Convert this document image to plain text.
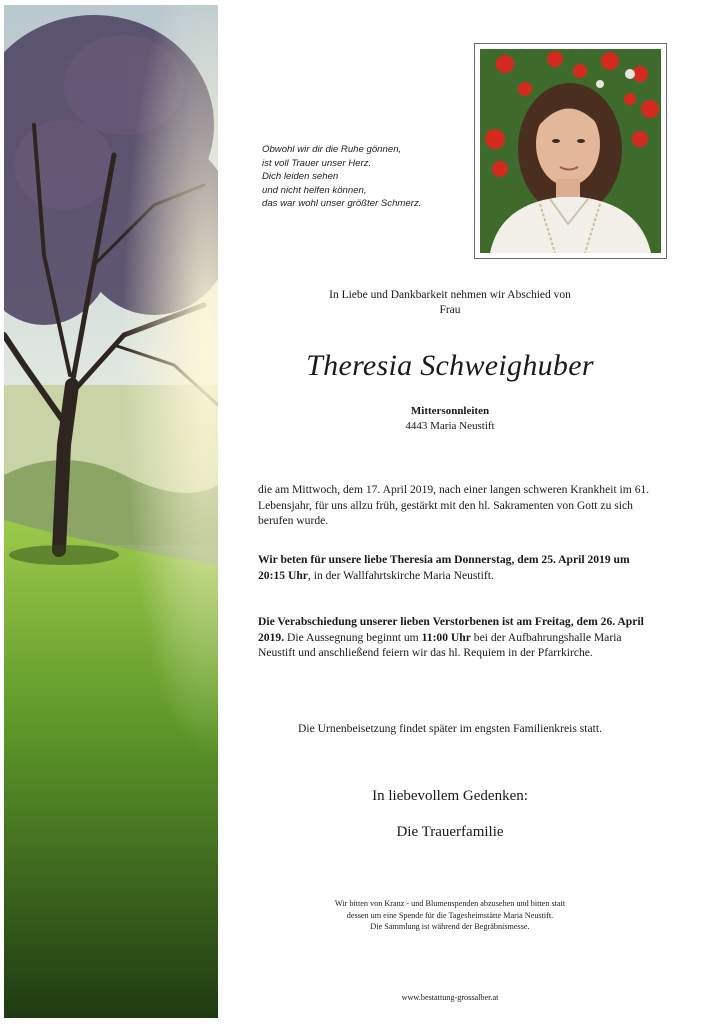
Obwohl wir dir die Ruhe gönnen,
ist voll Trauer unser Herz.
Dich leiden sehen
und nicht helfen können,
das war wohl unser größter Schmerz.
In Liebe und Dankbarkeit nehmen wir Abschied von
Frau
Theresia Schweighuber
Mittersonnleiten
4443 Maria Neustift
die am Mittwoch, dem 17. April 2019, nach einer langen schweren Krankheit im 61. Lebensjahr, für uns allzu früh, gestärkt mit den hl. Sakramenten von Gott zu sich berufen wurde.
Wir beten für unsere liebe Theresia am Donnerstag, dem 25. April 2019 um 20:15 Uhr, in der Wallfahrtskirche Maria Neustift.
Die Verabschiedung unserer lieben Verstorbenen ist am Freitag, dem 26. April 2019. Die Aussegnung beginnt um 11:00 Uhr bei der Aufbahrungshalle Maria Neustift und anschließend feiern wir das hl. Requiem in der Pfarrkirche.
Die Urnenbeisetzung findet später im engsten Familienkreis statt.
In liebevollem Gedenken:
Die Trauerfamilie
Wir bitten von Kranz - und Blumenspenden abzusehen und bitten statt
dessen um eine Spende für die Tagesheimstätte Maria Neustift.
Die Sammlung ist während der Begräbnismesse.
www.bestattung-grossalber.at
